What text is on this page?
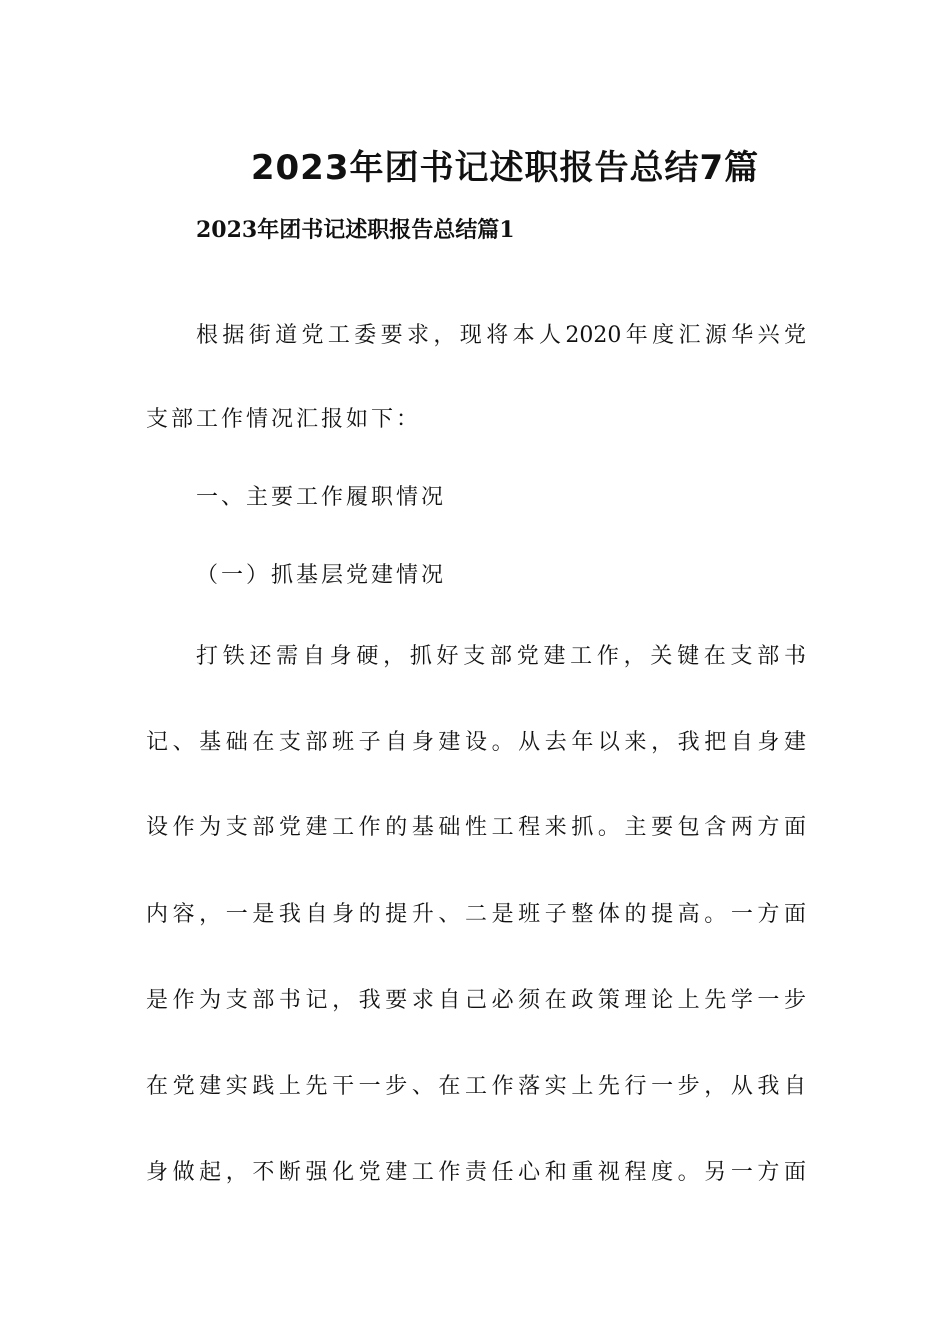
2023年团书记述职报告总结7篇
2023年团书记述职报告总结篇1
根据街道党工委要求，现将本人2020年度汇源华兴党
支部工作情况汇报如下：
一、主要工作履职情况
（一）抓基层党建情况
打铁还需自身硬，抓好支部党建工作，关键在支部书
记、基础在支部班子自身建设。从去年以来，我把自身建
设作为支部党建工作的基础性工程来抓。主要包含两方面
内容，一是我自身的提升、二是班子整体的提高。一方面
是作为支部书记，我要求自己必须在政策理论上先学一步
在党建实践上先干一步、在工作落实上先行一步，从我自
身做起，不断强化党建工作责任心和重视程度。另一方面
